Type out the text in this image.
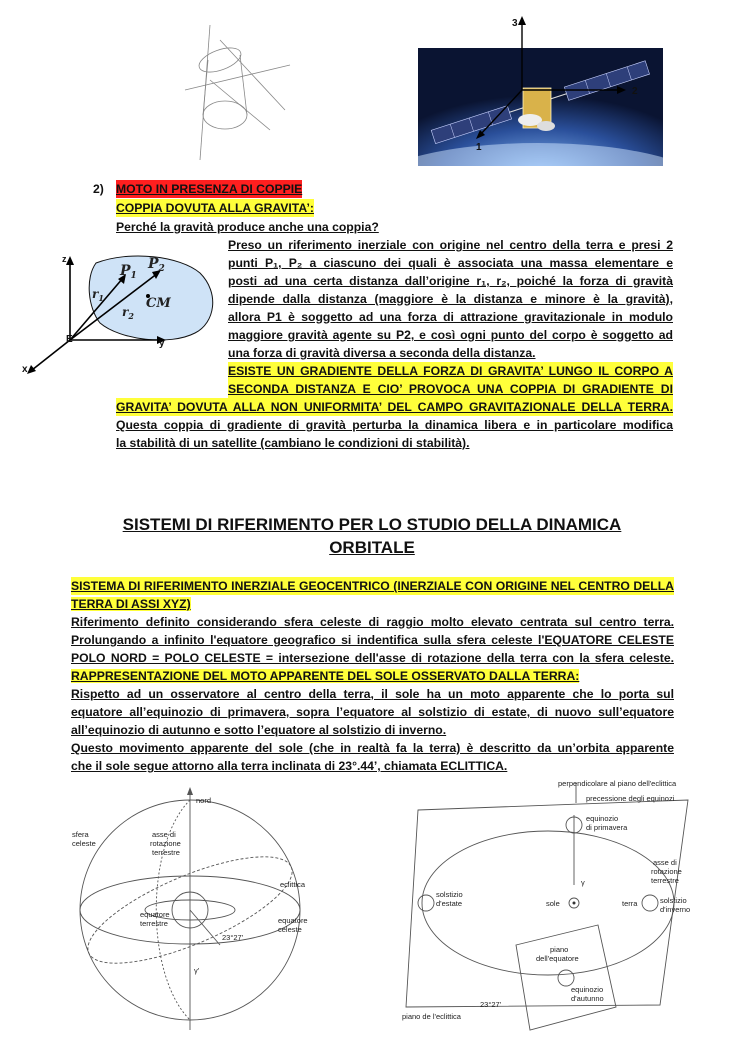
3
2
1
2) MOTO IN PRESENZA DI COPPIE
COPPIA DOVUTA ALLA GRAVITA’:
Perché la gravità produce anche una coppia?
z
y
x
E
$P_1$
$P_2$
CM
$r_1$
$r_2$
Preso un riferimento inerziale con origine nel centro della terra e presi 2
punti P₁, P₂ a ciascuno dei quali è associata una massa elementare e
posti ad una certa distanza dall’origine r₁, r₂, poiché la forza di gravità
dipende dalla distanza (maggiore è la distanza e minore è la gravità),
allora P1 è soggetto ad una forza di attrazione gravitazionale in modulo
maggiore gravità agente su P2, e così ogni punto del corpo è soggetto ad
una forza di gravità diversa a seconda della distanza.
ESISTE UN GRADIENTE DELLA FORZA DI GRAVITA’ LUNGO IL CORPO A
SECONDA DISTANZA E CIO’ PROVOCA UNA COPPIA DI GRADIENTE DI
GRAVITA’ DOVUTA ALLA NON UNIFORMITA’ DEL CAMPO GRAVITAZIONALE DELLA TERRA.
Questa coppia di gradiente di gravità perturba la dinamica libera e in particolare modifica
la stabilità di un satellite (cambiano le condizioni di stabilità).
SISTEMI DI RIFERIMENTO PER LO STUDIO DELLA DINAMICA
ORBITALE
SISTEMA DI RIFERIMENTO INERZIALE GEOCENTRICO (INERZIALE CON ORIGINE NEL CENTRO DELLA
TERRA DI ASSI XYZ)
Riferimento definito considerando sfera celeste di raggio molto elevato centrata sul centro terra.
Prolungando a infinito l'equatore geografico si indentifica sulla sfera celeste l'EQUATORE CELESTE
POLO NORD = POLO CELESTE = intersezione dell'asse di rotazione della terra con la sfera celeste.
RAPPRESENTAZIONE DEL MOTO APPARENTE DEL SOLE OSSERVATO DALLA TERRA:
Rispetto ad un osservatore al centro della terra, il sole ha un moto apparente che lo porta sul
equatore all’equinozio di primavera, sopra l’equatore al solstizio di estate, di nuovo sull’equatore
all’equinozio di autunno e sotto l’equatore al solstizio di inverno.
Questo movimento apparente del sole (che in realtà fa la terra) è descritto da un’orbita apparente
che il sole segue attorno alla terra inclinata di 23°.44’, chiamata ECLITTICA.
nord
sfera
celeste
asse di
rotazione
terrestre
eclittica
equatore
terrestre	equatore
celeste
23°27'
γ'
perpendicolare al piano dell'eclittica
precessione degli equinozi
equinozio
di primavera
γ
asse di
rotazione
terrestre
sole	terra	solstizio
d'inverno
solstizio
d'estate
piano
dell'equatore
equinozio
d'autunno
piano de l'eclittica
23°27'
